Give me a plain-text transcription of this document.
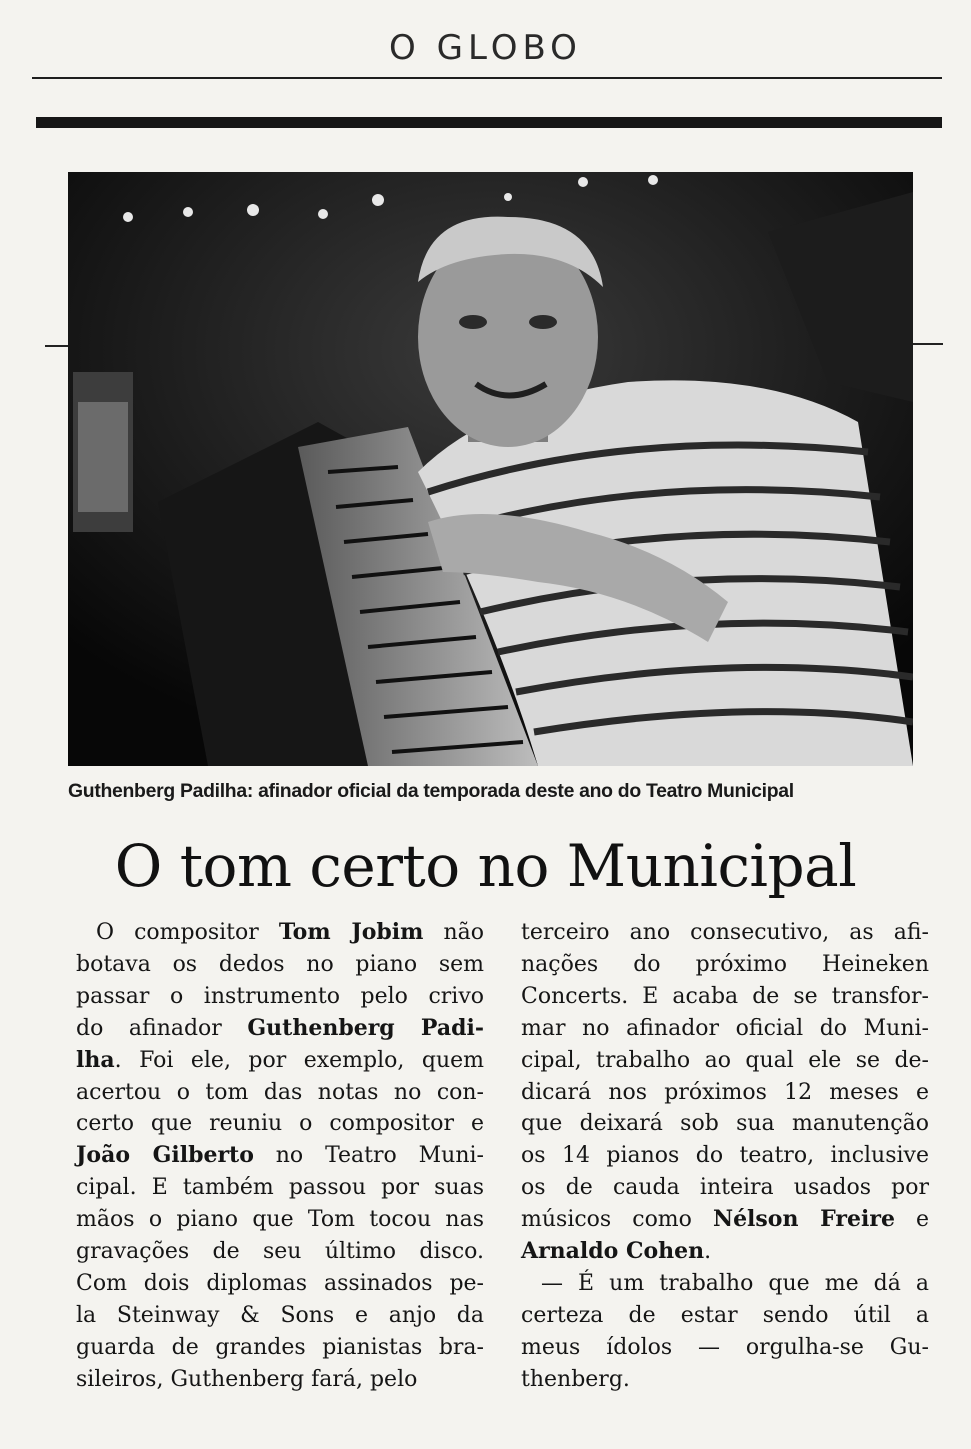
O GLOBO
Guthenberg Padilha: afinador oficial da temporada deste ano do Teatro Municipal
O tom certo no Municipal
O compositor Tom Jobim não
botava os dedos no piano sem
passar o instrumento pelo crivo
do afinador Guthenberg Padi-
lha. Foi ele, por exemplo, quem
acertou o tom das notas no con-
certo que reuniu o compositor e
João Gilberto no Teatro Muni-
cipal. E também passou por suas
mãos o piano que Tom tocou nas
gravações de seu último disco.
Com dois diplomas assinados pe-
la Steinway & Sons e anjo da
guarda de grandes pianistas bra-
sileiros, Guthenberg fará, pelo
terceiro ano consecutivo, as afi-
nações do próximo Heineken
Concerts. E acaba de se transfor-
mar no afinador oficial do Muni-
cipal, trabalho ao qual ele se de-
dicará nos próximos 12 meses e
que deixará sob sua manutenção
os 14 pianos do teatro, inclusive
os de cauda inteira usados por
músicos como Nélson Freire e
Arnaldo Cohen.
— É um trabalho que me dá a
certeza de estar sendo útil a
meus ídolos — orgulha-se Gu-
thenberg.
